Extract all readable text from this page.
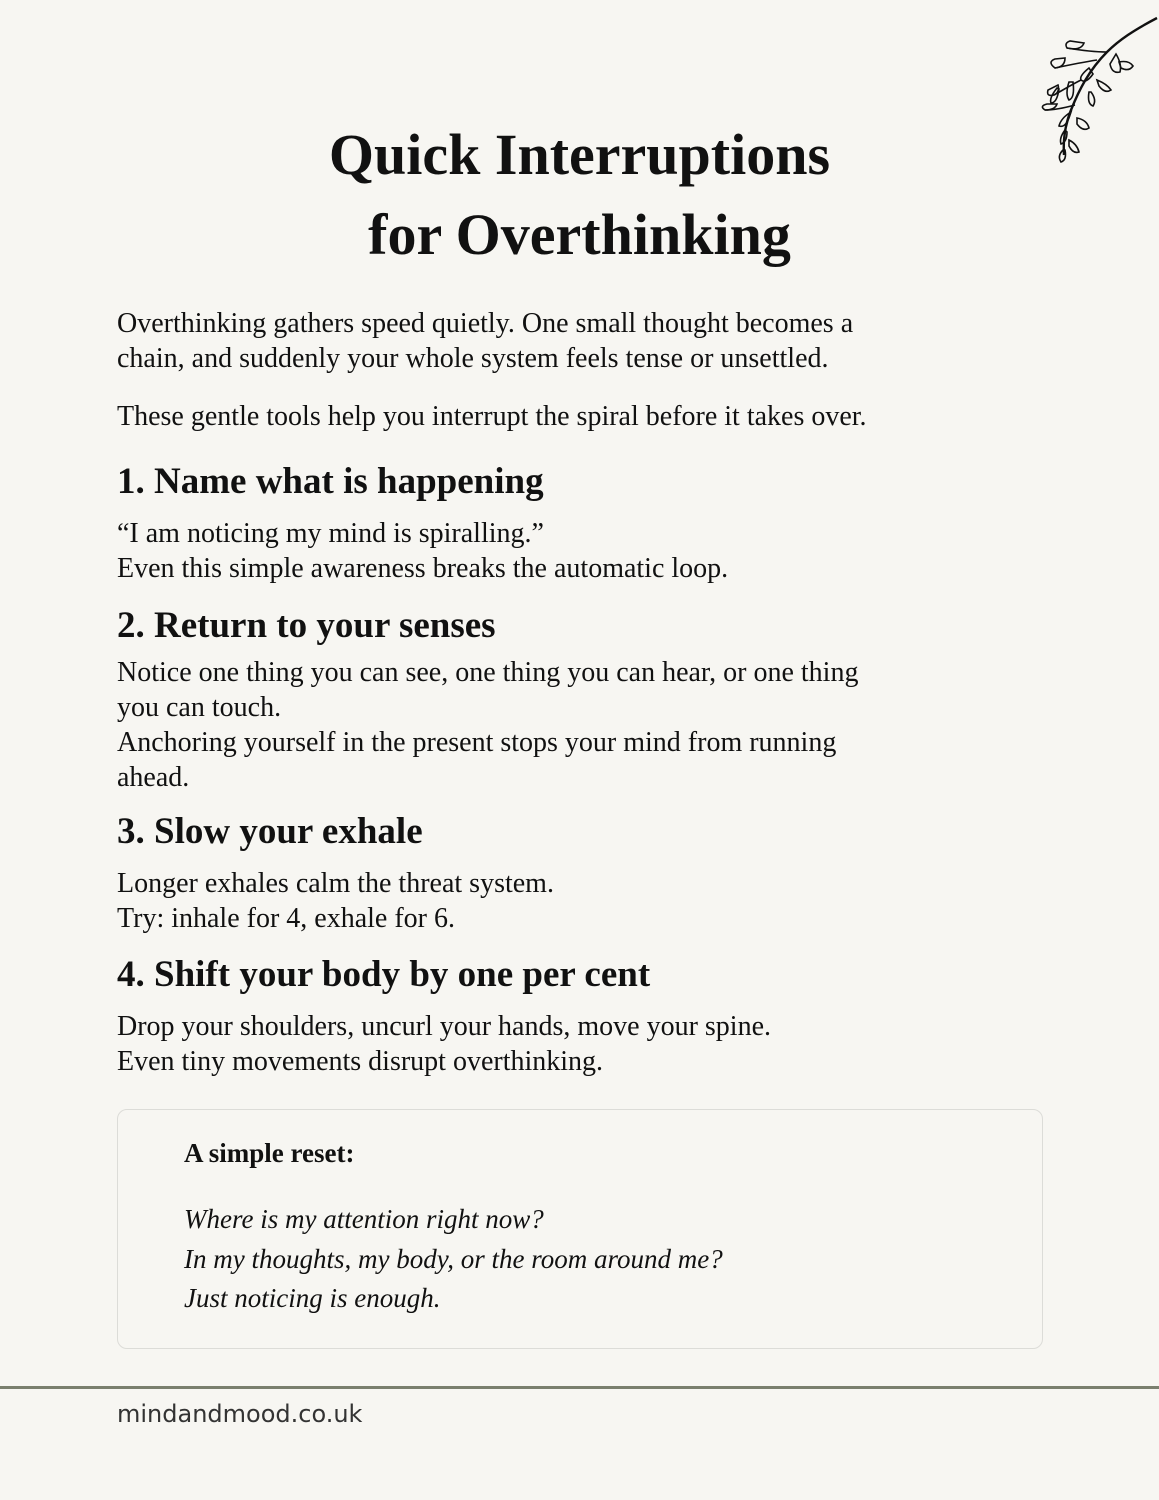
Quick Interruptions
for Overthinking
Overthinking gathers speed quietly. One small thought becomes a
chain, and suddenly your whole system feels tense or unsettled.
These gentle tools help you interrupt the spiral before it takes over.
1. Name what is happening
“I am noticing my mind is spiralling.”
Even this simple awareness breaks the automatic loop.
2. Return to your senses
Notice one thing you can see, one thing you can hear, or one thing
you can touch.
Anchoring yourself in the present stops your mind from running
ahead.
3. Slow your exhale
Longer exhales calm the threat system.
Try: inhale for 4, exhale for 6.
4. Shift your body by one per cent
Drop your shoulders, uncurl your hands, move your spine.
Even tiny movements disrupt overthinking.
A simple reset:
Where is my attention right now?
In my thoughts, my body, or the room around me?
Just noticing is enough.
mindandmood.co.uk
